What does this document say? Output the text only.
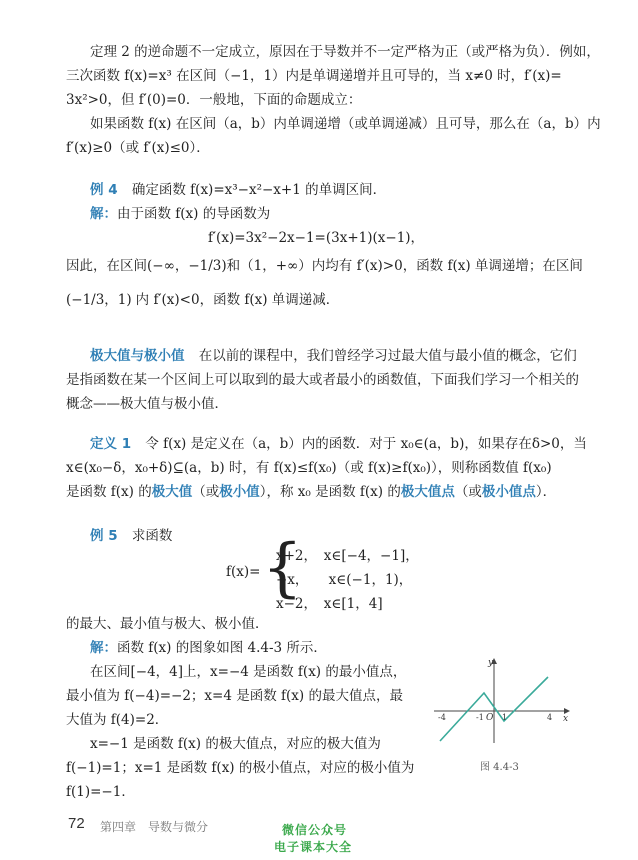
定理 2 的逆命题不一定成立，原因在于导数并不一定严格为正（或严格为负）．例如，
三次函数 f(x)=x³ 在区间（−1，1）内是单调递增并且可导的，当 x≠0 时，f′(x)=
3x²>0，但 f′(0)=0．一般地，下面的命题成立：
如果函数 f(x) 在区间（a，b）内单调递增（或单调递减）且可导，那么在（a，b）内
f′(x)≥0（或 f′(x)≤0）．
例 4 确定函数 f(x)=x³−x²−x+1 的单调区间．
解：由于函数 f(x) 的导函数为
f′(x)=3x²−2x−1=(3x+1)(x−1)，
因此，在区间(−∞，−1/3)和（1，+∞）内均有 f′(x)>0，函数 f(x) 单调递增；在区间
(−1/3，1) 内 f′(x)<0，函数 f(x) 单调递减．
极大值与极小值 在以前的课程中，我们曾经学习过最大值与最小值的概念，它们
是指函数在某一个区间上可以取到的最大或者最小的函数值，下面我们学习一个相关的
概念——极大值与极小值．
定义 1 令 f(x) 是定义在（a，b）内的函数．对于 x₀∈(a，b)，如果存在δ>0，当
x∈(x₀−δ，x₀+δ)⊆(a，b) 时，有 f(x)≤f(x₀)（或 f(x)≥f(x₀)），则称函数值 f(x₀)
是函数 f(x) 的极大值（或极小值），称 x₀ 是函数 f(x) 的极大值点（或极小值点）．
例 5 求函数
f(x)= {
x+2，　x∈[−4，−1]，
−x，　　x∈(−1，1)，
x−2，　x∈[1，4]
的最大、最小值与极大、极小值．
解：函数 f(x) 的图象如图 4.4-3 所示．
在区间[−4，4]上，x=−4 是函数 f(x) 的最小值点，
最小值为 f(−4)=−2；x=4 是函数 f(x) 的最大值点，最
大值为 f(4)=2．
x=−1 是函数 f(x) 的极大值点，对应的极大值为
f(−1)=1；x=1 是函数 f(x) 的极小值点，对应的极小值为
f(1)=−1．
y
x
O
-4	-1 1	4
图 4.4-3
72 第四章　导数与微分	微信公众号
电子课本大全
